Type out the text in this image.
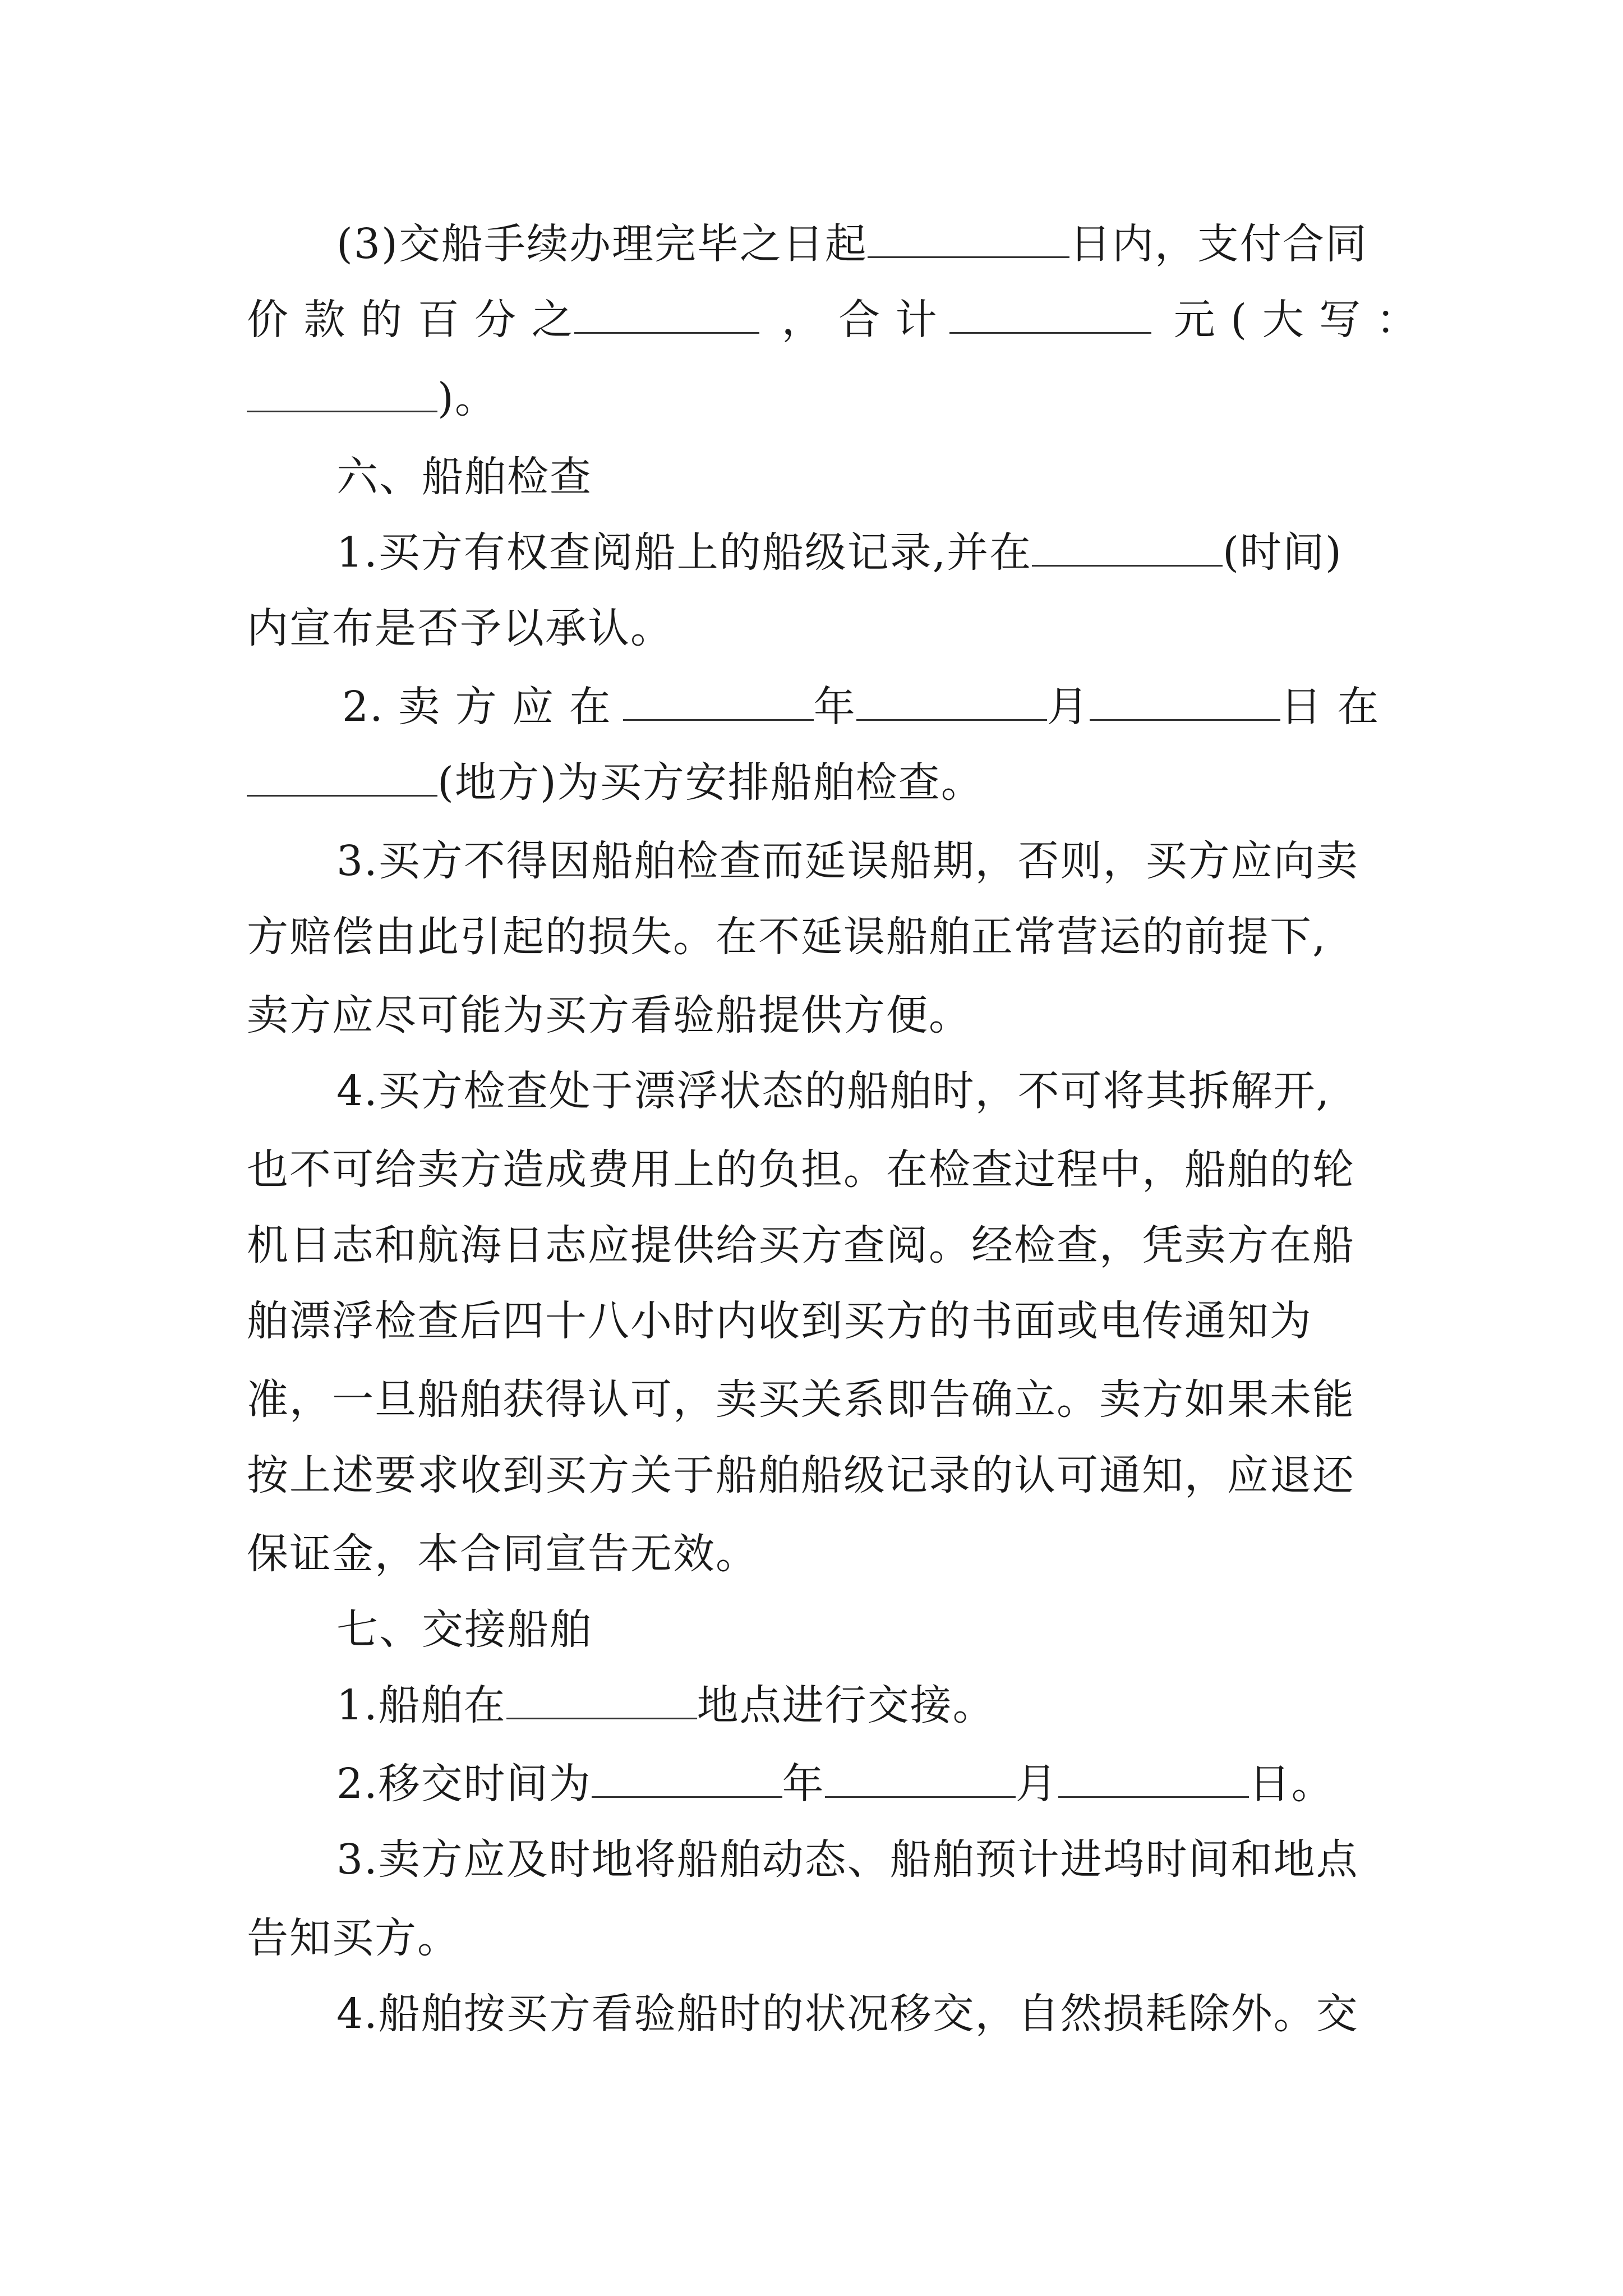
(3)交船手续办理完毕之日起	日内，支付合同
价 款 的 百 分 之	， 合 计	元 ( 大 写 ：
)。
六、船舶检查
1.买方有权查阅船上的船级记录,并在	(时间)
内宣布是否予以承认。
2. 卖 方 应 在	年	月	日 在
(地方)为买方安排船舶检查。
3.买方不得因船舶检查而延误船期，否则，买方应向卖
方赔偿由此引起的损失。在不延误船舶正常营运的前提下,
卖方应尽可能为买方看验船提供方便。
4.买方检查处于漂浮状态的船舶时，不可将其拆解开,
也不可给卖方造成费用上的负担。在检查过程中，船舶的轮
机日志和航海日志应提供给买方查阅。经检查，凭卖方在船
舶漂浮检查后四十八小时内收到买方的书面或电传通知为
准，一旦船舶获得认可，卖买关系即告确立。卖方如果未能
按上述要求收到买方关于船舶船级记录的认可通知，应退还
保证金，本合同宣告无效。
七、交接船舶
1.船舶在	地点进行交接。
2.移交时间为	年	月	日。
3.卖方应及时地将船舶动态、船舶预计进坞时间和地点
告知买方。
4.船舶按买方看验船时的状况移交，自然损耗除外。交
